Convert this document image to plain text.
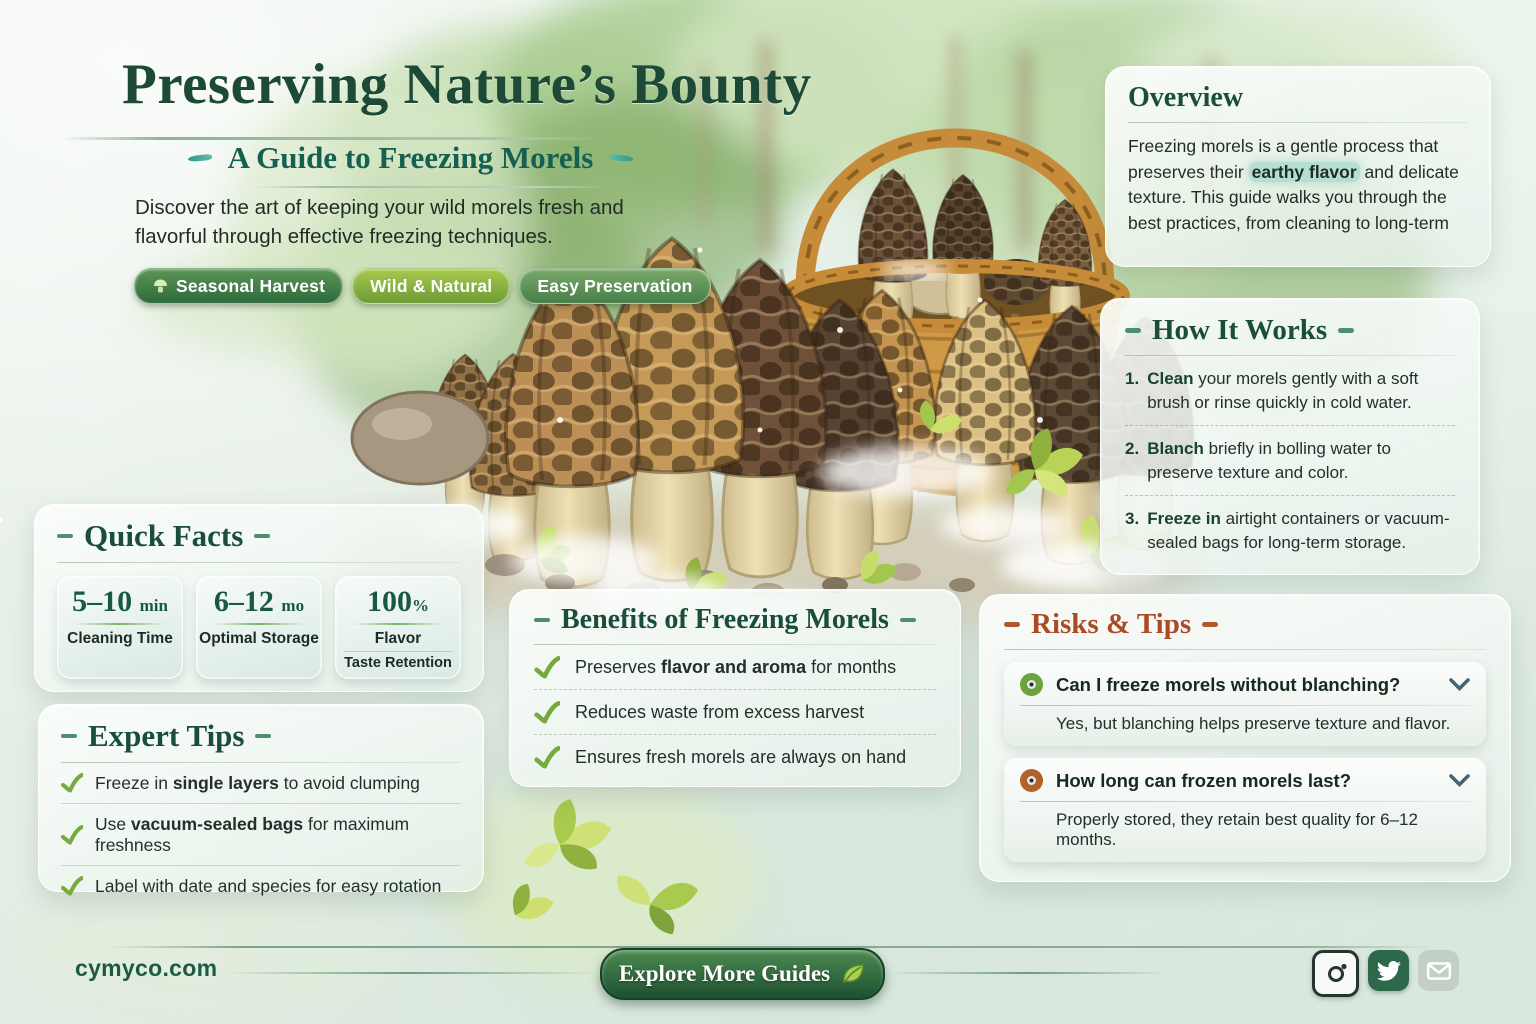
Preserving Nature’s Bounty
A Guide to Freezing Morels
Discover the art of keeping your wild morels fresh and
flavorful through effective freezing techniques.
Seasonal Harvest	Wild & Natural	Easy Preservation
Overview

Freezing morels is a gentle process that preserves their earthy flavor and delicate texture. This guide walks you through the best practices, from cleaning to long-term

How It Works
1. Clean your morels gently with a soft brush or rinse quickly in cold water.
2. Blanch briefly in bolling water to preserve texture and color.
3. Freeze in airtight containers or vacuum-sealed bags for long-term storage.
Quick Facts
5–10 min
Cleaning Time
6–12 mo
Optimal Storage
100%
Flavor
Taste Retention
Expert Tips
Freeze in single layers to avoid clumping
Use vacuum-sealed bags for maximum freshness
Label with date and species for easy rotation
Benefits of Freezing Morels
Preserves flavor and aroma for months
Reduces waste from excess harvest
Ensures fresh morels are always on hand
Risks & Tips
Can I freeze morels without blanching?
Yes, but blanching helps preserve texture and flavor.
How long can frozen morels last?
Properly stored, they retain best quality for 6–12 months.
cymyco.com	Explore More Guides
